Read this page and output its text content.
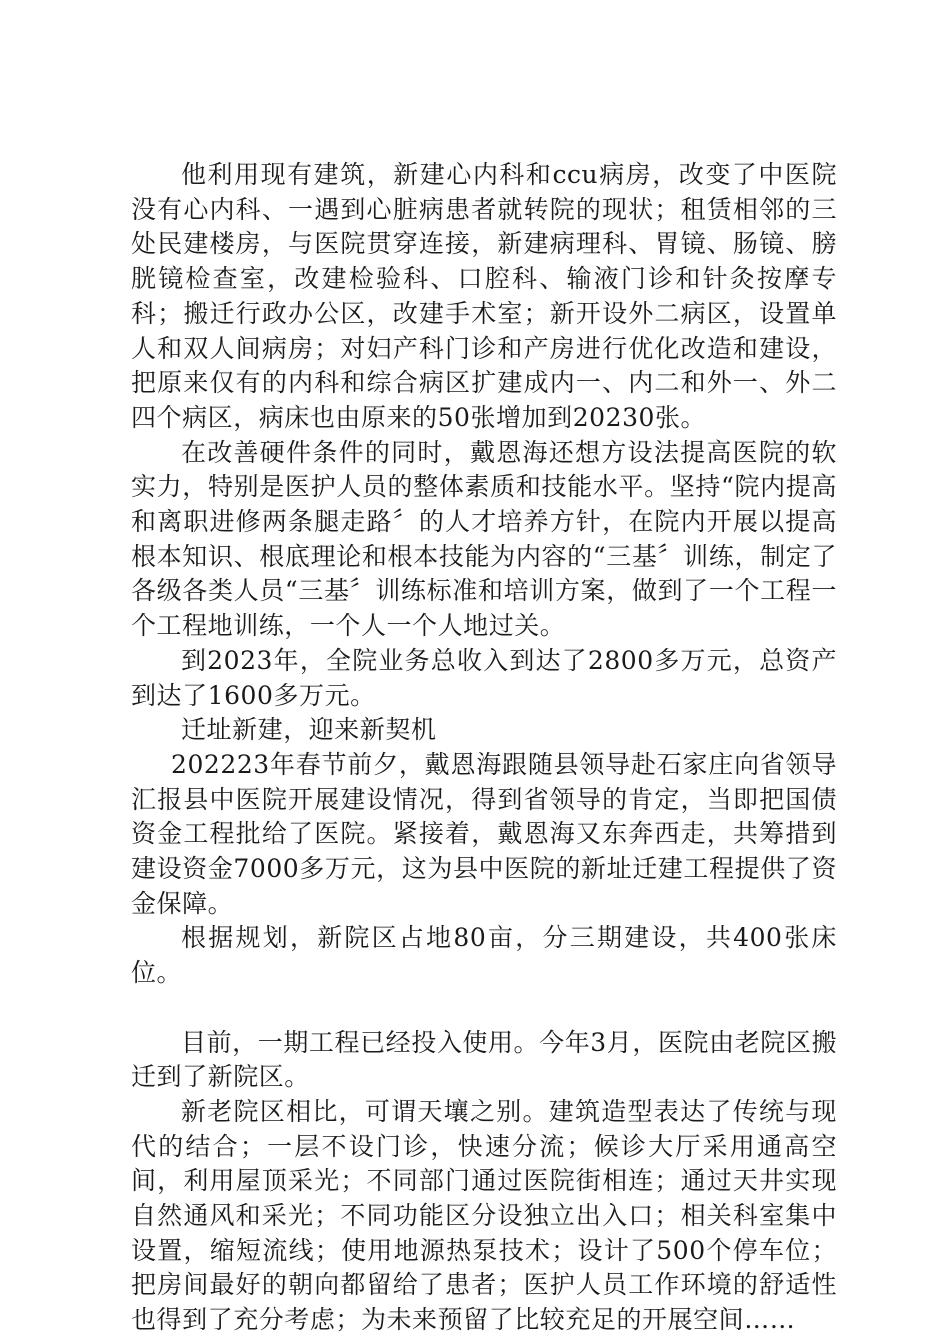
他利用现有建筑，新建心内科和ccu病房，改变了中医院没有心内科、一遇到心脏病患者就转院的现状；租赁相邻的三处民建楼房，与医院贯穿连接，新建病理科、胃镜、肠镜、膀胱镜检查室，改建检验科、口腔科、输液门诊和针灸按摩专科；搬迁行政办公区，改建手术室；新开设外二病区，设置单人和双人间病房；对妇产科门诊和产房进行优化改造和建设，把原来仅有的内科和综合病区扩建成内一、内二和外一、外二四个病区，病床也由原来的50张增加到20230张。

在改善硬件条件的同时，戴恩海还想方设法提高医院的软实力，特别是医护人员的整体素质和技能水平。坚持“院内提高和离职进修两条腿走路〞的人才培养方针，在院内开展以提高根本知识、根底理论和根本技能为内容的“三基〞训练，制定了各级各类人员“三基〞训练标准和培训方案，做到了一个工程一个工程地训练，一个人一个人地过关。

到2023年，全院业务总收入到达了2800多万元，总资产到达了1600多万元。

迁址新建，迎来新契机

202223年春节前夕，戴恩海跟随县领导赴石家庄向省领导汇报县中医院开展建设情况，得到省领导的肯定，当即把国债资金工程批给了医院。紧接着，戴恩海又东奔西走，共筹措到建设资金7000多万元，这为县中医院的新址迁建工程提供了资金保障。

根据规划，新院区占地80亩，分三期建设，共400张床位。

目前，一期工程已经投入使用。今年3月，医院由老院区搬迁到了新院区。

新老院区相比，可谓天壤之别。建筑造型表达了传统与现代的结合；一层不设门诊，快速分流；候诊大厅采用通高空间，利用屋顶采光；不同部门通过医院街相连；通过天井实现自然通风和采光；不同功能区分设独立出入口；相关科室集中设置，缩短流线；使用地源热泵技术；设计了500个停车位；把房间最好的朝向都留给了患者；医护人员工作环境的舒适性也得到了充分考虑；为未来预留了比较充足的开展空间……
